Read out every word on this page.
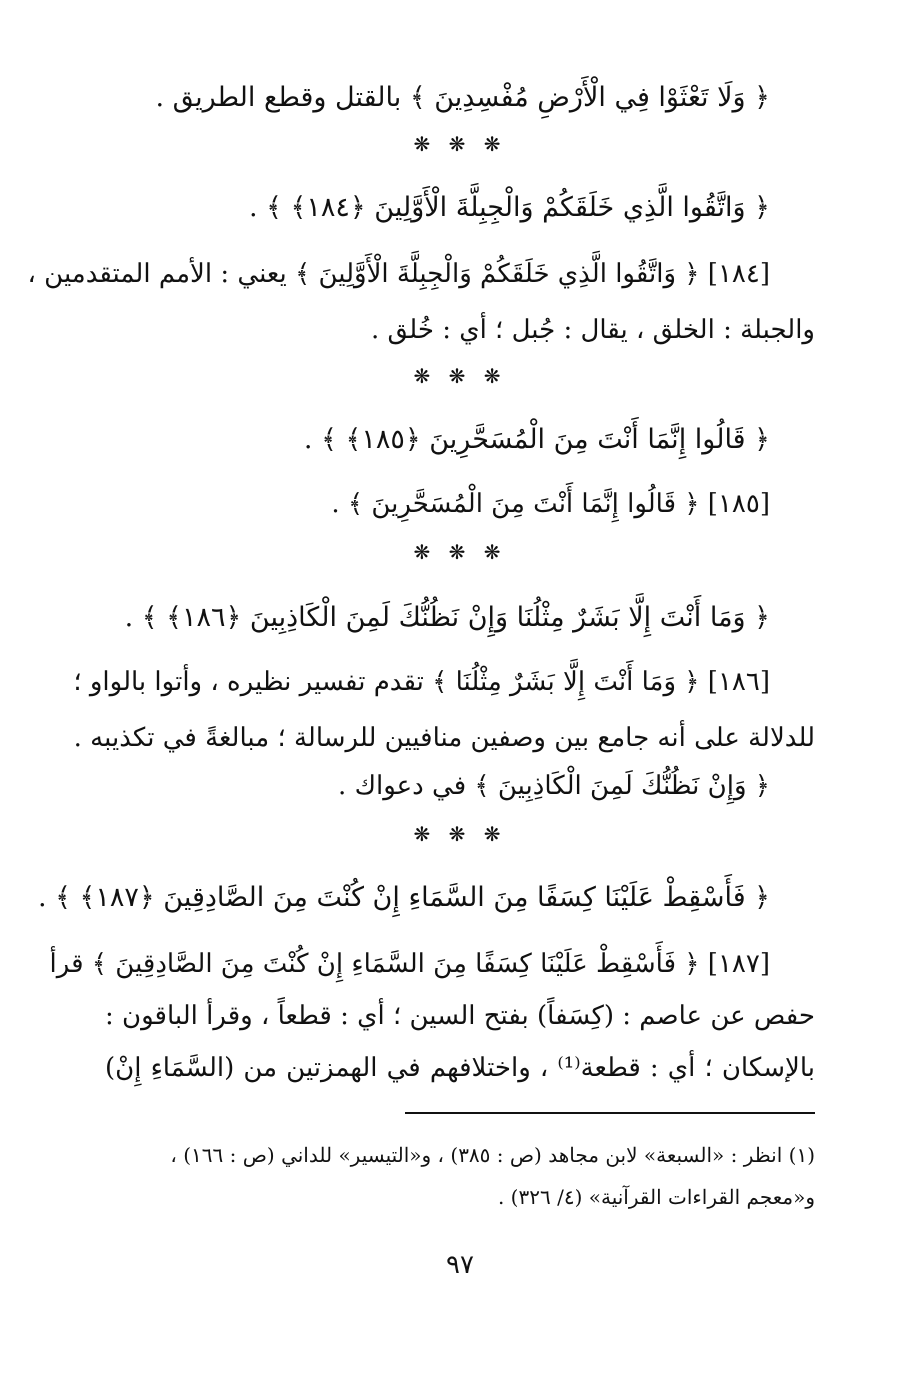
﴿ وَلَا تَعْثَوْا فِي الْأَرْضِ مُفْسِدِينَ ﴾ بالقتل وقطع الطريق .
❋ ❋ ❋
﴿ وَاتَّقُوا الَّذِي خَلَقَكُمْ وَالْجِبِلَّةَ الْأَوَّلِينَ ﴿١٨٤﴾ ﴾ .
[١٨٤] ﴿ وَاتَّقُوا الَّذِي خَلَقَكُمْ وَالْجِبِلَّةَ الْأَوَّلِينَ ﴾ يعني : الأمم المتقدمين ،
والجبلة : الخلق ، يقال : جُبل ؛ أي : خُلق .
❋ ❋ ❋
﴿ قَالُوا إِنَّمَا أَنْتَ مِنَ الْمُسَحَّرِينَ ﴿١٨٥﴾ ﴾ .
[١٨٥] ﴿ قَالُوا إِنَّمَا أَنْتَ مِنَ الْمُسَحَّرِينَ ﴾ .
❋ ❋ ❋
﴿ وَمَا أَنْتَ إِلَّا بَشَرٌ مِثْلُنَا وَإِنْ نَظُنُّكَ لَمِنَ الْكَاذِبِينَ ﴿١٨٦﴾ ﴾ .
[١٨٦] ﴿ وَمَا أَنْتَ إِلَّا بَشَرٌ مِثْلُنَا ﴾ تقدم تفسير نظيره ، وأتوا بالواو ؛
للدلالة على أنه جامع بين وصفين منافيين للرسالة ؛ مبالغةً في تكذيبه .
﴿ وَإِنْ نَظُنُّكَ لَمِنَ الْكَاذِبِينَ ﴾ في دعواك .
❋ ❋ ❋
﴿ فَأَسْقِطْ عَلَيْنَا كِسَفًا مِنَ السَّمَاءِ إِنْ كُنْتَ مِنَ الصَّادِقِينَ ﴿١٨٧﴾ ﴾ .
[١٨٧] ﴿ فَأَسْقِطْ عَلَيْنَا كِسَفًا مِنَ السَّمَاءِ إِنْ كُنْتَ مِنَ الصَّادِقِينَ ﴾ قرأ
حفص عن عاصم : (كِسَفاً) بفتح السين ؛ أي : قطعاً ، وقرأ الباقون :
بالإسكان ؛ أي : قطعة⁽¹⁾ ، واختلافهم في الهمزتين من (السَّمَاءِ إِنْ)
(١) انظر : «السبعة» لابن مجاهد (ص : ٣٨٥) ، و«التيسير» للداني (ص : ١٦٦) ،
و«معجم القراءات القرآنية» (٤/ ٣٢٦) .
٩٧
